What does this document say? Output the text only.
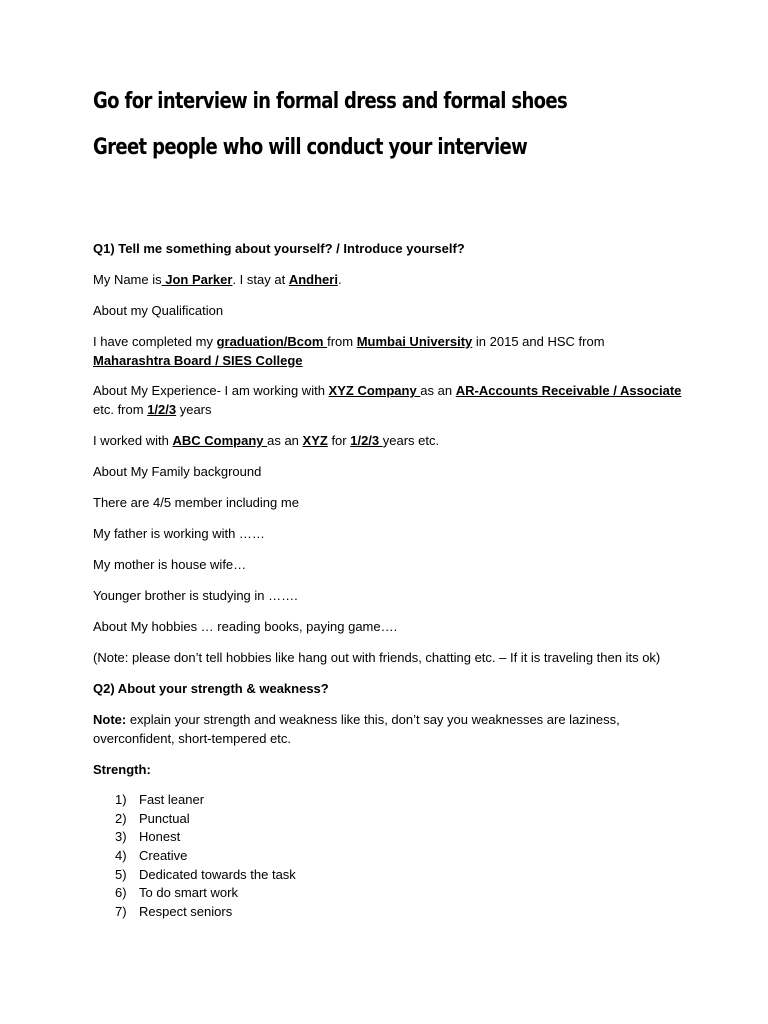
Go for interview in formal dress and formal shoes
Greet people who will conduct your interview
Q1) Tell me something about yourself? / Introduce yourself?
My Name is Jon Parker. I stay at Andheri.
About my Qualification
I have completed my graduation/Bcom from Mumbai University in 2015 and HSC from
Maharashtra Board / SIES College
About My Experience- I am working with XYZ Company as an AR-Accounts Receivable / Associate
etc. from 1/2/3 years
I worked with ABC Company as an XYZ for 1/2/3 years etc.
About My Family background
There are 4/5 member including me
My father is working with ……
My mother is house wife…
Younger brother is studying in …….
About My hobbies … reading books, paying game….
(Note: please don’t tell hobbies like hang out with friends, chatting etc. – If it is traveling then its ok)
Q2) About your strength & weakness?
Note: explain your strength and weakness like this, don’t say you weaknesses are laziness,
overconfident, short-tempered etc.
Strength:
1) Fast leaner
2) Punctual
3) Honest
4) Creative
5) Dedicated towards the task
6) To do smart work
7) Respect seniors
